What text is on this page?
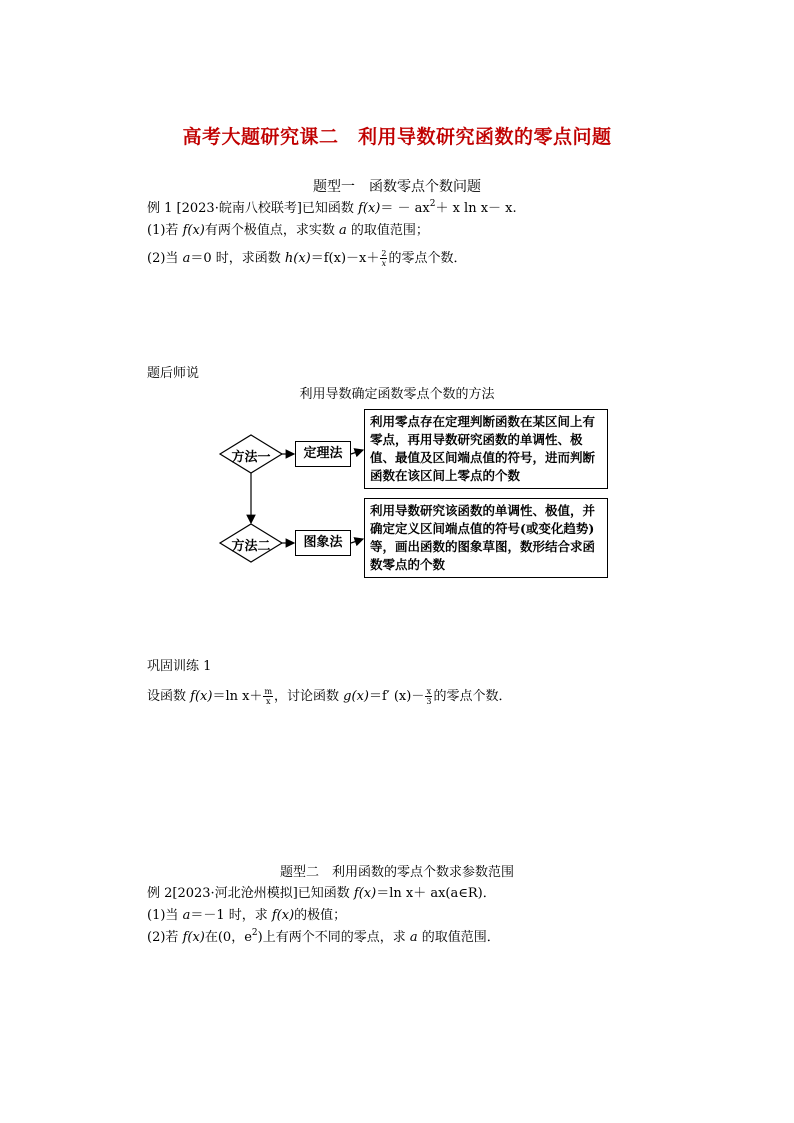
高考大题研究课二　利用导数研究函数的零点问题
题型一　函数零点个数问题
例 1 [2023·皖南八校联考]已知函数 $f(x)= - ax^2+ x$ ln x－ x.
(1)若 f(x)有两个极值点，求实数 a 的取值范围；
(2)当 a＝0 时，求函数 $h(x)=f(x)-x+ \frac{2}{x}$ 的零点个数．
题后师说
利用导数确定函数零点个数的方法
方法一
方法二
定理法
图象法
利用零点存在定理判断函数在某区间上有零点，再用导数研究函数的单调性、极值、最值及区间端点值的符号，进而判断函数在该区间上零点的个数
利用导数研究该函数的单调性、极值，并确定定义区间端点值的符号(或变化趋势)等，画出函数的图象草图，数形结合求函数零点的个数
巩固训练 1
设函数 f(x)＝ln $x+ \frac{m}{x}$ ，讨论函数 g(x)＝f′ $(x)- \frac{x}{3}$ 的零点个数．
题型二　利用函数的零点个数求参数范围
例 2[2023·河北沧州模拟]已知函数 f(x)＝ln x＋ ax(a∈R)．
(1)当 a＝－1 时，求 f(x)的极值；
(2)若 f(x)在(0，$e^2$)上有两个不同的零点，求 a 的取值范围．
